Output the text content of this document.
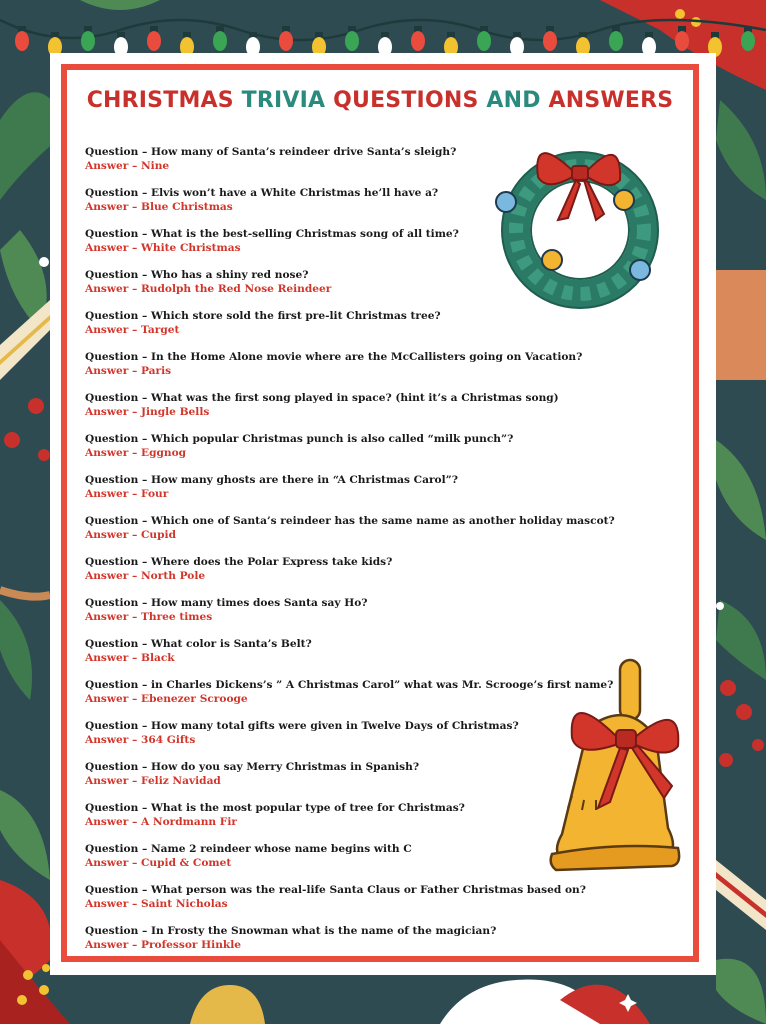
CHRISTMAS TRIVIA QUESTIONS AND ANSWERS
Question – How many of Santa’s reindeer drive Santa’s sleigh?
Answer – Nine
Question – Elvis won’t have a White Christmas he’ll have a?
Answer – Blue Christmas
Question – What is the best-selling Christmas song of all time?
Answer – White Christmas
Question – Who has a shiny red nose?
Answer – Rudolph the Red Nose Reindeer
Question – Which store sold the first pre-lit Christmas tree?
Answer – Target
Question – In the Home Alone movie where are the McCallisters going on Vacation?
Answer – Paris
Question – What was the first song played in space? (hint it’s a Christmas song)
Answer – Jingle Bells
Question – Which popular Christmas punch is also called “milk punch”?
Answer – Eggnog
Question – How many ghosts are there in “A Christmas Carol”?
Answer – Four
Question – Which one of Santa’s reindeer has the same name as another holiday mascot?
Answer – Cupid
Question – Where does the Polar Express take kids?
Answer – North Pole
Question – How many times does Santa say Ho?
Answer – Three times
Question – What color is Santa’s Belt?
Answer – Black
Question – in Charles Dickens’s ” A Christmas Carol” what was Mr. Scrooge’s first name?
Answer – Ebenezer Scrooge
Question – How many total gifts were given in Twelve Days of Christmas?
Answer – 364 Gifts
Question – How do you say Merry Christmas in Spanish?
Answer – Feliz Navidad
Question – What is the most popular type of tree for Christmas?
Answer – A Nordmann Fir
Question – Name 2 reindeer whose name begins with C
Answer – Cupid & Comet
Question – What person was the real-life Santa Claus or Father Christmas based on?
Answer – Saint Nicholas
Question – In Frosty the Snowman what is the name of the magician?
Answer – Professor Hinkle
